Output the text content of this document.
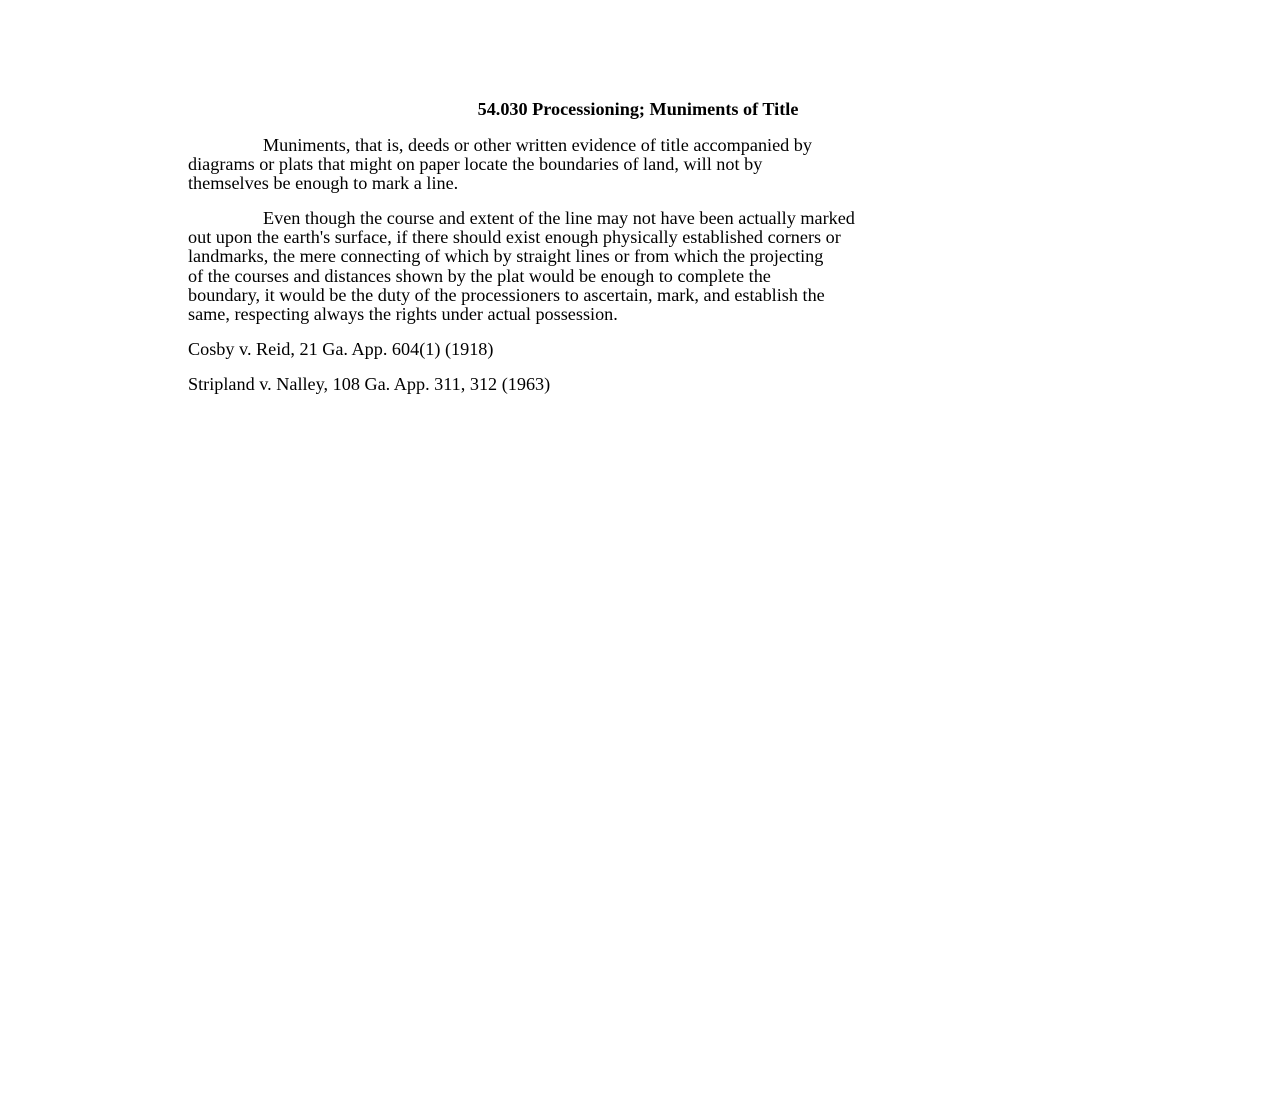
54.030 Processioning; Muniments of Title
Muniments, that is, deeds or other written evidence of title accompanied by
diagrams or plats that might on paper locate the boundaries of land, will not by
themselves be enough to mark a line.
Even though the course and extent of the line may not have been actually marked
out upon the earth's surface, if there should exist enough physically established corners or
landmarks, the mere connecting of which by straight lines or from which the projecting
of the courses and distances shown by the plat would be enough to complete the
boundary, it would be the duty of the processioners to ascertain, mark, and establish the
same, respecting always the rights under actual possession.
Cosby v. Reid, 21 Ga. App. 604(1) (1918)
Stripland v. Nalley, 108 Ga. App. 311, 312 (1963)
